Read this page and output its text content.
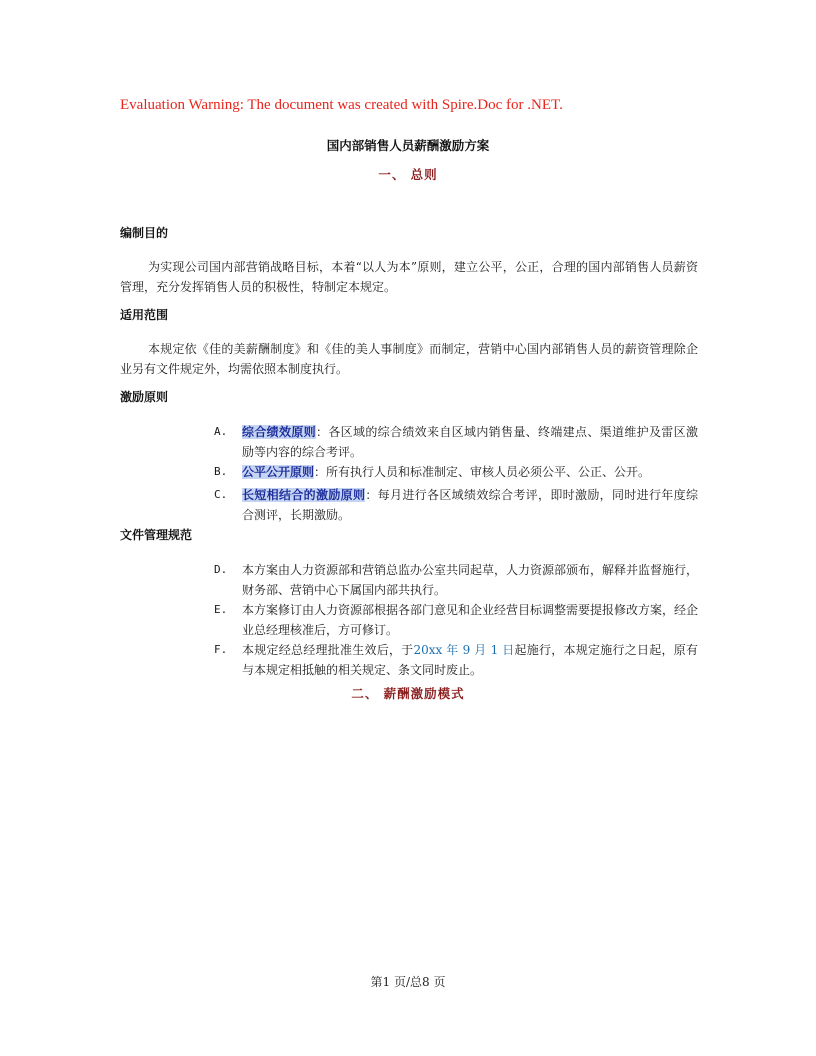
Evaluation Warning: The document was created with Spire.Doc for .NET.
国内部销售人员薪酬激励方案
一、 总则
编制目的
为实现公司国内部营销战略目标，本着“以人为本”原则，建立公平，公正，合理的国内部销售人员薪资管理，充分发挥销售人员的积极性，特制定本规定。
适用范围
本规定依《佳的美薪酬制度》和《佳的美人事制度》而制定，营销中心国内部销售人员的薪资管理除企业另有文件规定外，均需依照本制度执行。
激励原则
A.	综合绩效原则：各区域的综合绩效来自区域内销售量、终端建点、渠道维护及雷区激励等内容的综合考评。
B.	公平公开原则：所有执行人员和标准制定、审核人员必须公平、公正、公开。
C.	长短相结合的激励原则：每月进行各区域绩效综合考评，即时激励，同时进行年度综合测评，长期激励。
文件管理规范
D.	本方案由人力资源部和营销总监办公室共同起草，人力资源部颁布，解释并监督施行，财务部、营销中心下属国内部共执行。
E.	本方案修订由人力资源部根据各部门意见和企业经营目标调整需要提报修改方案，经企业总经理核准后，方可修订。
F.	本规定经总经理批准生效后，于20xx 年 9 月 1 日起施行，本规定施行之日起，原有与本规定相抵触的相关规定、条文同时废止。
二、 薪酬激励模式
第1 页/总8 页
